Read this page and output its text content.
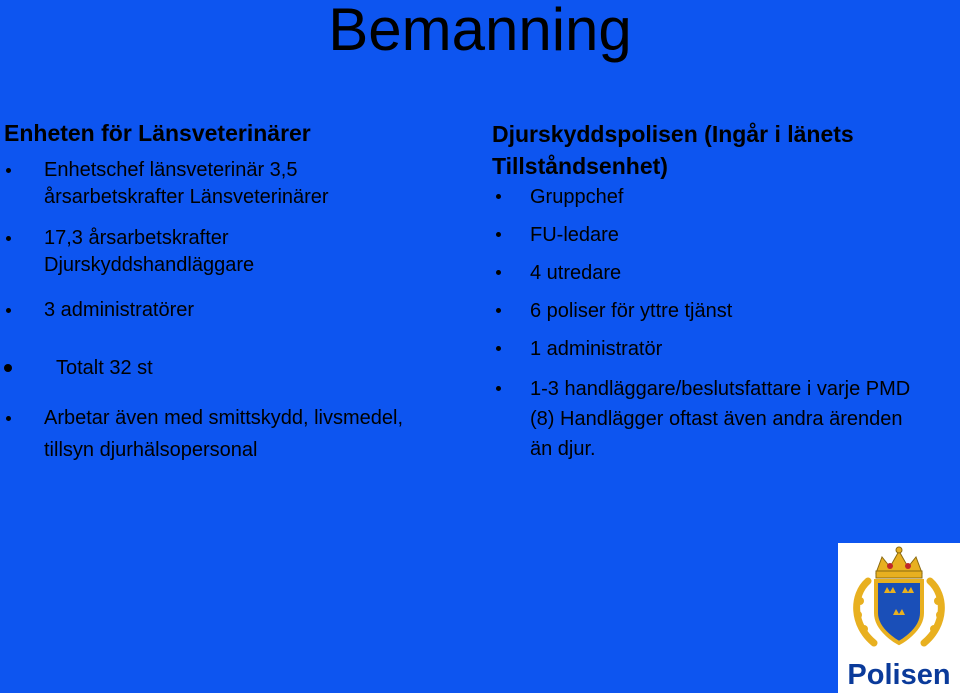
Bemanning
Enheten för Länsveterinärer
Enhetschef länsveterinär 3,5 årsarbetskrafter Länsveterinärer
17,3 årsarbetskrafter Djurskyddshandläggare
3 administratörer
Totalt 32 st
Arbetar även med smittskydd, livsmedel, tillsyn djurhälsopersonal
Djurskyddspolisen (Ingår i länets Tillståndsenhet)
Gruppchef
FU-ledare
4 utredare
6 poliser för yttre tjänst
1 administratör
1-3 handläggare/beslutsfattare i varje PMD (8) Handlägger oftast även andra ärenden än djur.
Polisen
